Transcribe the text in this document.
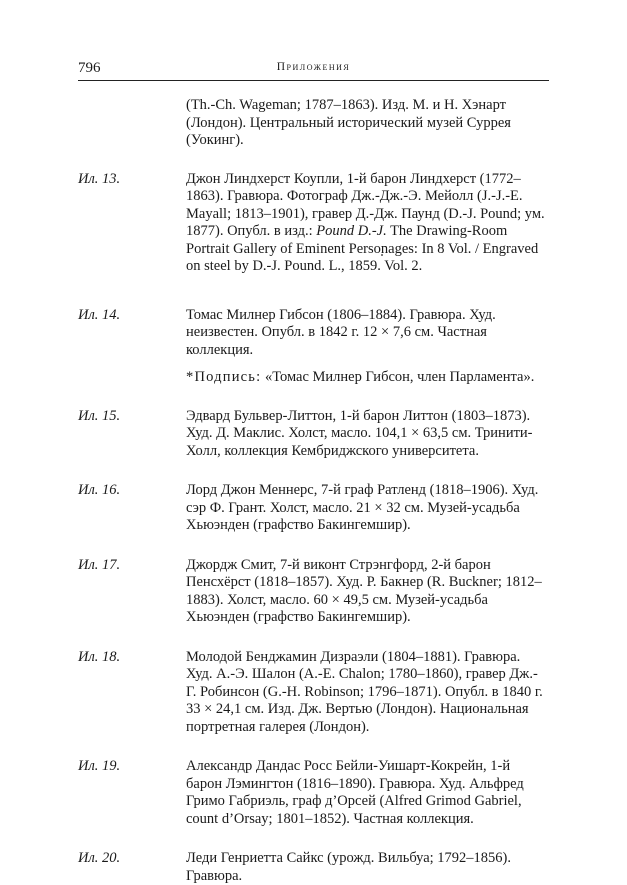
796	Приложения
(Th.-Ch. Wageman; 1787–1863). Изд. М. и Н. Хэнарт (Лондон). Центральный исторический музей Суррея (Уокинг).
Ил. 13.	Джон Линдхерст Коупли, 1-й барон Линдхерст (1772–1863). Гравюра. Фотограф Дж.-Дж.-Э. Мейолл (J.-J.-E. Mayall; 1813–1901), гравер Д.-Дж. Паунд (D.-J. Pound; ум. 1877). Опубл. в изд.: Pound D.-J. The Drawing-Room Portrait Gallery of Eminent Personages: In 8 Vol. / Engraved on steel by D.-J. Pound. L., 1859. Vol. 2.
Ил. 14.	Томас Милнер Гибсон (1806–1884). Гравюра. Худ. неизвестен. Опубл. в 1842 г. 12 × 7,6 см. Частная коллекция.
*Подпись: «Томас Милнер Гибсон, член Парламента».
Ил. 15.	Эдвард Бульвер-Литтон, 1-й барон Литтон (1803–1873). Худ. Д. Маклис. Холст, масло. 104,1 × 63,5 см. Тринити-Холл, коллекция Кембриджского университета.
Ил. 16.	Лорд Джон Меннерс, 7-й граф Ратленд (1818–1906). Худ. сэр Ф. Грант. Холст, масло. 21 × 32 см. Музей-усадьба Хьюэнден (графство Бакингемшир).
Ил. 17.	Джордж Смит, 7-й виконт Стрэнгфорд, 2-й барон Пенсхёрст (1818–1857). Худ. Р. Бакнер (R. Buckner; 1812–1883). Холст, масло. 60 × 49,5 см. Музей-усадьба Хьюэнден (графство Бакингемшир).
Ил. 18.	Молодой Бенджамин Дизраэли (1804–1881). Гравюра. Худ. А.-Э. Шалон (A.-E. Chalon; 1780–1860), гравер Дж.-Г. Робинсон (G.-H. Robinson; 1796–1871). Опубл. в 1840 г. 33 × 24,1 см. Изд. Дж. Вертью (Лондон). Национальная портретная галерея (Лондон).
Ил. 19.	Александр Дандас Росс Бейли-Уишарт-Кокрейн, 1-й барон Лэмингтон (1816–1890). Гравюра. Худ. Альфред Гримо Габриэль, граф д’Орсей (Alfred Grimod Gabriel, count d’Orsay; 1801–1852). Частная коллекция.
Ил. 20.	Леди Генриетта Сайкс (урожд. Вильбуа; 1792–1856). Гравюра.
